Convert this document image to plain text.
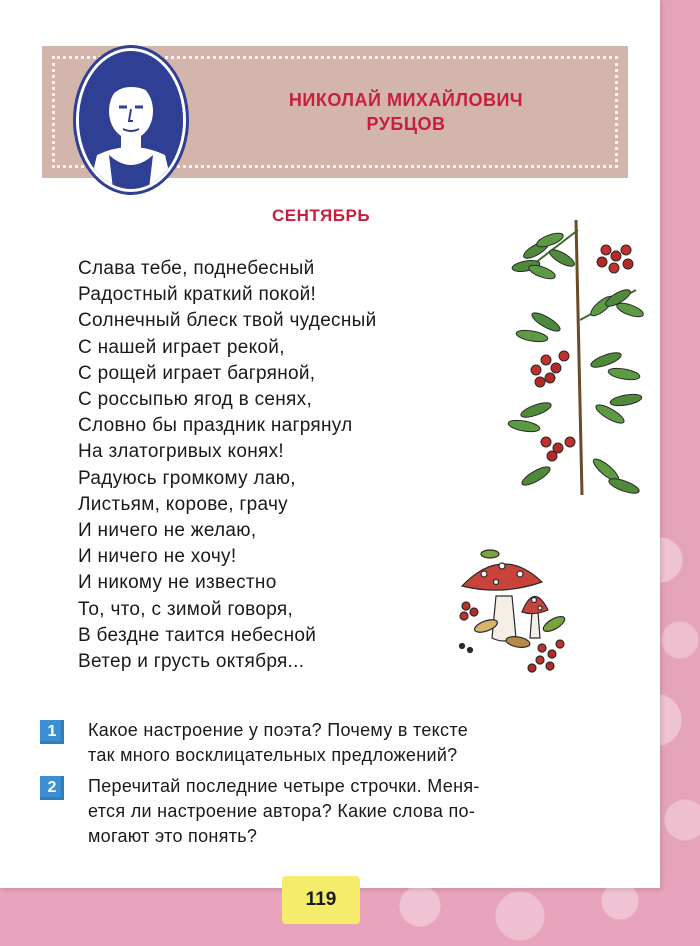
НИКОЛАЙ МИХАЙЛОВИЧ
РУБЦОВ
СЕНТЯБРЬ
Слава тебе, поднебесный
Радостный краткий покой!
Солнечный блеск твой чудесный
С нашей играет рекой,
С рощей играет багряной,
С россыпью ягод в сенях,
Словно бы праздник нагрянул
На златогривых конях!
Радуюсь громкому лаю,
Листьям, корове, грачу
И ничего не желаю,
И ничего не хочу!
И никому не известно
То, что, с зимой говоря,
В бездне таится небесной
Ветер и грусть октября...
1	Какое настроение у поэта? Почему в тексте
так много восклицательных предложений?
2	Перечитай последние четыре строчки. Меня-
ется ли настроение автора? Какие слова по-
могают это понять?
119
